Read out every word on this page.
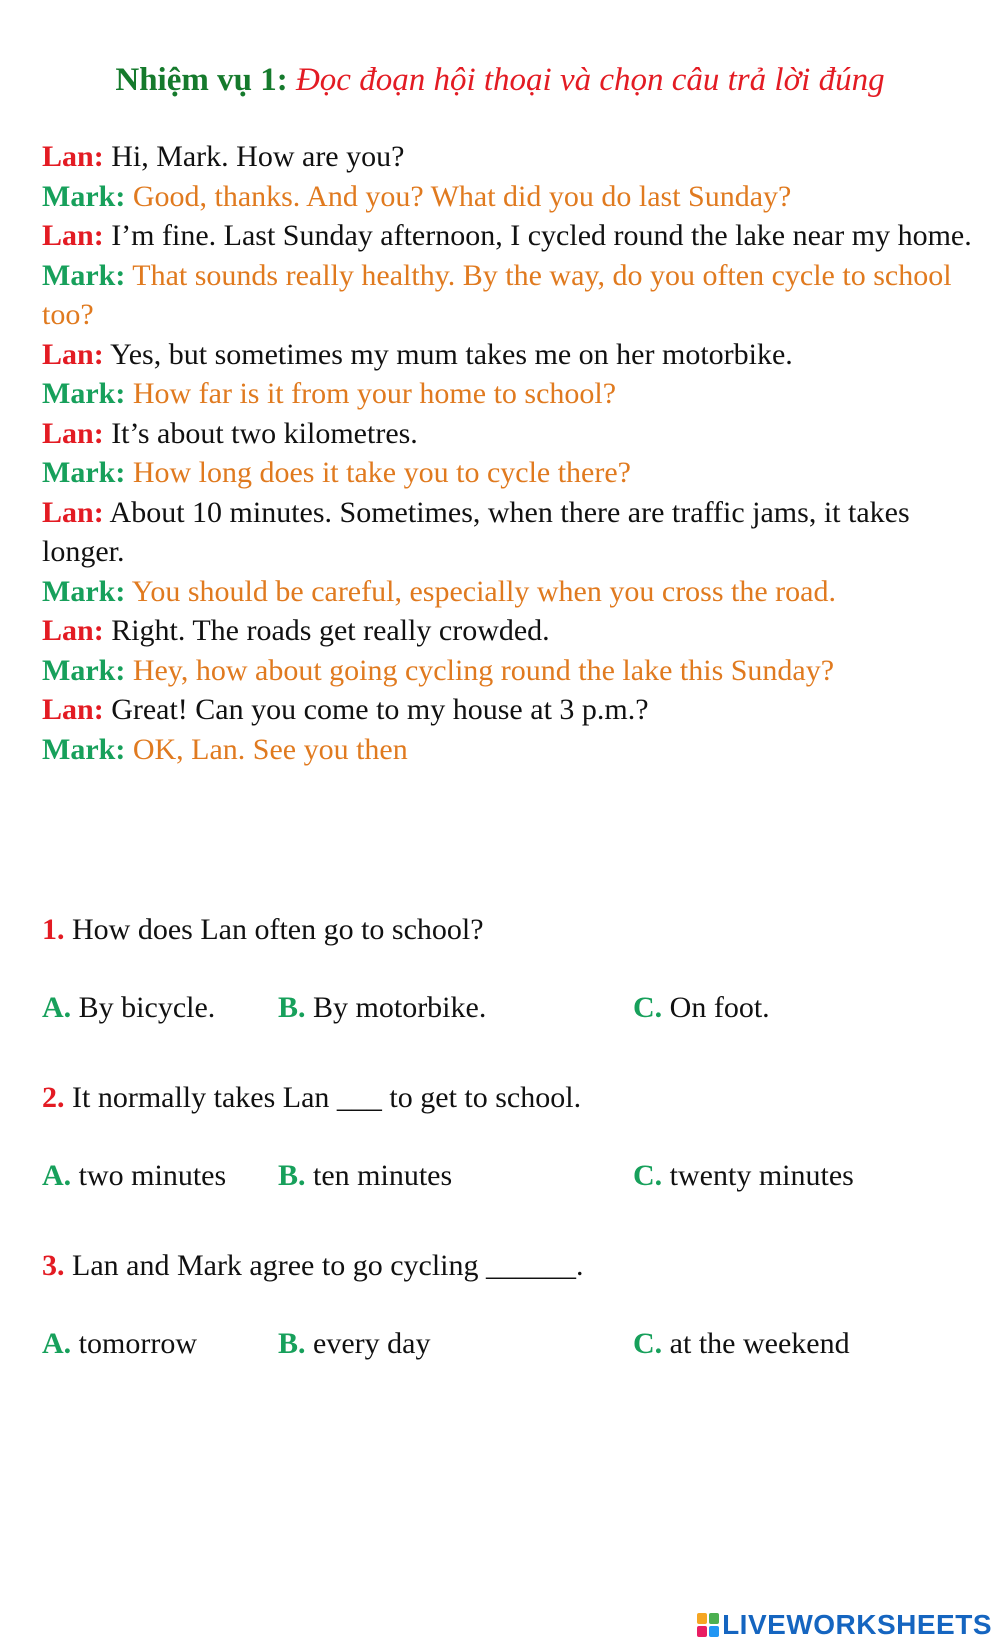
Nhiệm vụ 1: Đọc đoạn hội thoại và chọn câu trả lời đúng

Lan: Hi, Mark. How are you?

Mark: Good, thanks. And you? What did you do last Sunday?

Lan: I’m fine. Last Sunday afternoon, I cycled round the lake near my home.

Mark: That sounds really healthy. By the way, do you often cycle to school too?

Lan: Yes, but sometimes my mum takes me on her motorbike.

Mark: How far is it from your home to school?

Lan: It’s about two kilometres.

Mark: How long does it take you to cycle there?

Lan: About 10 minutes. Sometimes, when there are traffic jams, it takes longer.

Mark: You should be careful, especially when you cross the road.

Lan: Right. The roads get really crowded.

Mark: Hey, how about going cycling round the lake this Sunday?

Lan: Great! Can you come to my house at 3 p.m.?

Mark: OK, Lan. See you then

1. How does Lan often go to school?
A. By bicycle. B. By motorbike.	C. On foot.
2. It normally takes Lan ___ to get to school.
A. two minutes B. ten minutes	C. twenty minutes
3. Lan and Mark agree to go cycling ______.
A. tomorrow	B. every day	C. at the weekend
LIVEWORKSHEETS
